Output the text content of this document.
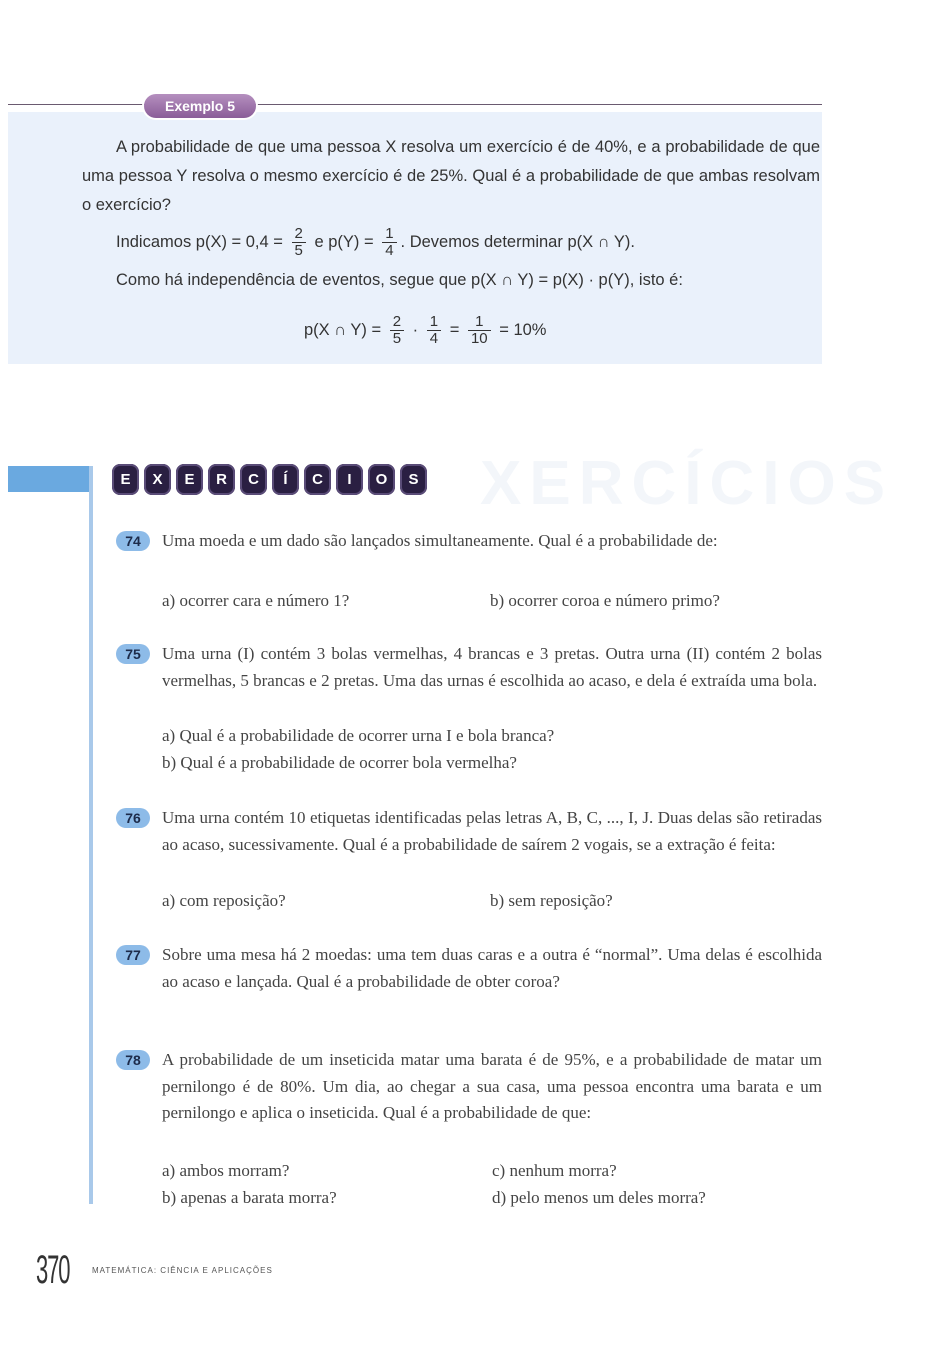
Exemplo 5

A probabilidade de que uma pessoa X resolva um exercício é de 40%, e a probabilidade de que uma pessoa Y resolva o mesmo exercício é de 25%. Qual é a probabilidade de que ambas resolvam o exercício?

Indicamos $p(X) = 0,4 = \frac{2}{5}$ e $p(Y) = \frac{1}{4}$ . Devemos determinar p(X ∩ Y).
Como há independência de eventos, segue que p(X ∩ Y) = p(X) · p(Y), isto é:
p(X ∩ $Y) = \frac{2}{5} \cdot \frac{1}{4} = \frac{1}{10} = 10\%$
XERCÍCIOS
E	X	E	R	C	Í	C	I	O	S
74	Uma moeda e um dado são lançados simultaneamente. Qual é a probabilidade de:

a) ocorrer cara e número 1?	b) ocorrer coroa e número primo?
75	Uma urna (I) contém 3 bolas vermelhas, 4 brancas e 3 pretas. Outra urna (II) contém 2 bolas vermelhas, 5 brancas e 2 pretas. Uma das urnas é escolhida ao acaso, e dela é extraída uma bola.

a) Qual é a probabilidade de ocorrer urna I e bola branca?
b) Qual é a probabilidade de ocorrer bola vermelha?
76	Uma urna contém 10 etiquetas identificadas pelas letras A, B, C, ..., I, J. Duas delas são retiradas ao acaso, sucessivamente. Qual é a probabilidade de saírem 2 vogais, se a extração é feita:

a) com reposição?	b) sem reposição?
77	Sobre uma mesa há 2 moedas: uma tem duas caras e a outra é “normal”. Uma delas é escolhida ao acaso e lançada. Qual é a probabilidade de obter coroa?

78	A probabilidade de um inseticida matar uma barata é de 95%, e a probabilidade de matar um pernilongo é de 80%. Um dia, ao chegar a sua casa, uma pessoa encontra uma barata e um pernilongo e aplica o inseticida. Qual é a probabilidade de que:

a) ambos morram?	c) nenhum morra?
b) apenas a barata morra?	d) pelo menos um deles morra?
370	MATEMÁTICA: CIÊNCIA E APLICAÇÕES
